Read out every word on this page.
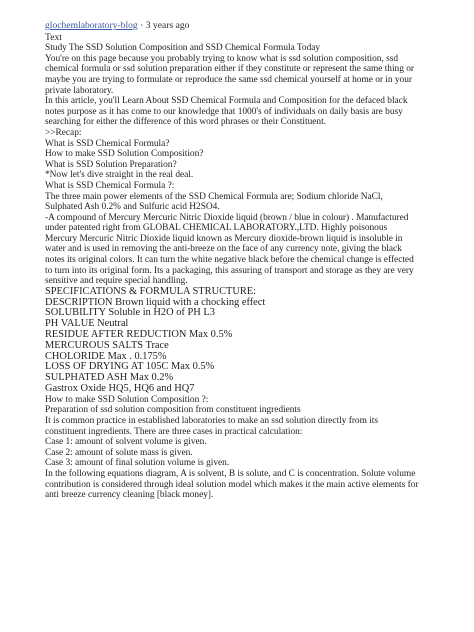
glochemlaboratory-blog · 3 years ago
Text

Study The SSD Solution Composition and SSD Chemical Formula Today

You're on this page because you probably trying to know what is ssd solution composition, ssd

chemical formula or ssd solution preparation either if they constitute or represent the same thing or

maybe you are trying to formulate or reproduce the same ssd chemical yourself at home or in your

private laboratory.

In this article, you'll Learn About SSD Chemical Formula and Composition for the defaced black

notes purpose as it has come to our knowledge that 1000's of individuals on daily basis are busy

searching for either the difference of this word phrases or their Constituent.

>>Recap:

What is SSD Chemical Formula?

How to make SSD Solution Composition?

What is SSD Solution Preparation?

*Now let's dive straight in the real deal.

What is SSD Chemical Formula ?:

The three main power elements of the SSD Chemical Formula are; Sodium chloride NaCl,

Sulphated Ash 0.2% and Sulfuric acid H2SO4.

-A compound of Mercury Mercuric Nitric Dioxide liquid (brown / blue in colour) . Manufactured

under patented right from GLOBAL CHEMICAL LABORATORY.,LTD. Highly poisonous

Mercury Mercuric Nitric Dioxide liquid known as Mercury dioxide-brown liquid is insoluble in

water and is used in removing the anti-breeze on the face of any currency note, giving the black

notes its original colors. It can turn the white negative black before the chemical change is effected

to turn into its original form. Its a packaging, this assuring of transport and storage as they are very

sensitive and require special handling.

SPECIFICATIONS & FORMULA STRUCTURE:

DESCRIPTION Brown liquid with a chocking effect

SOLUBILITY Soluble in H2O of PH L3

PH VALUE Neutral

RESIDUE AFTER REDUCTION Max 0.5%

MERCUROUS SALTS Trace

CHOLORIDE Max . 0.175%

LOSS OF DRYING AT 105C Max 0.5%

SULPHATED ASH Max 0.2%

Gastrox Oxide HQ5, HQ6 and HQ7

How to make SSD Solution Composition ?:

Preparation of ssd solution composition from constituent ingredients

It is common practice in established laboratories to make an ssd solution directly from its

constituent ingredients. There are three cases in practical calculation:

Case 1: amount of solvent volume is given.

Case 2: amount of solute mass is given.

Case 3: amount of final solution volume is given.

In the following equations diagram, A is solvent, B is solute, and C is concentration. Solute volume

contribution is considered through ideal solution model which makes it the main active elements for

anti breeze currency cleaning [black money].
